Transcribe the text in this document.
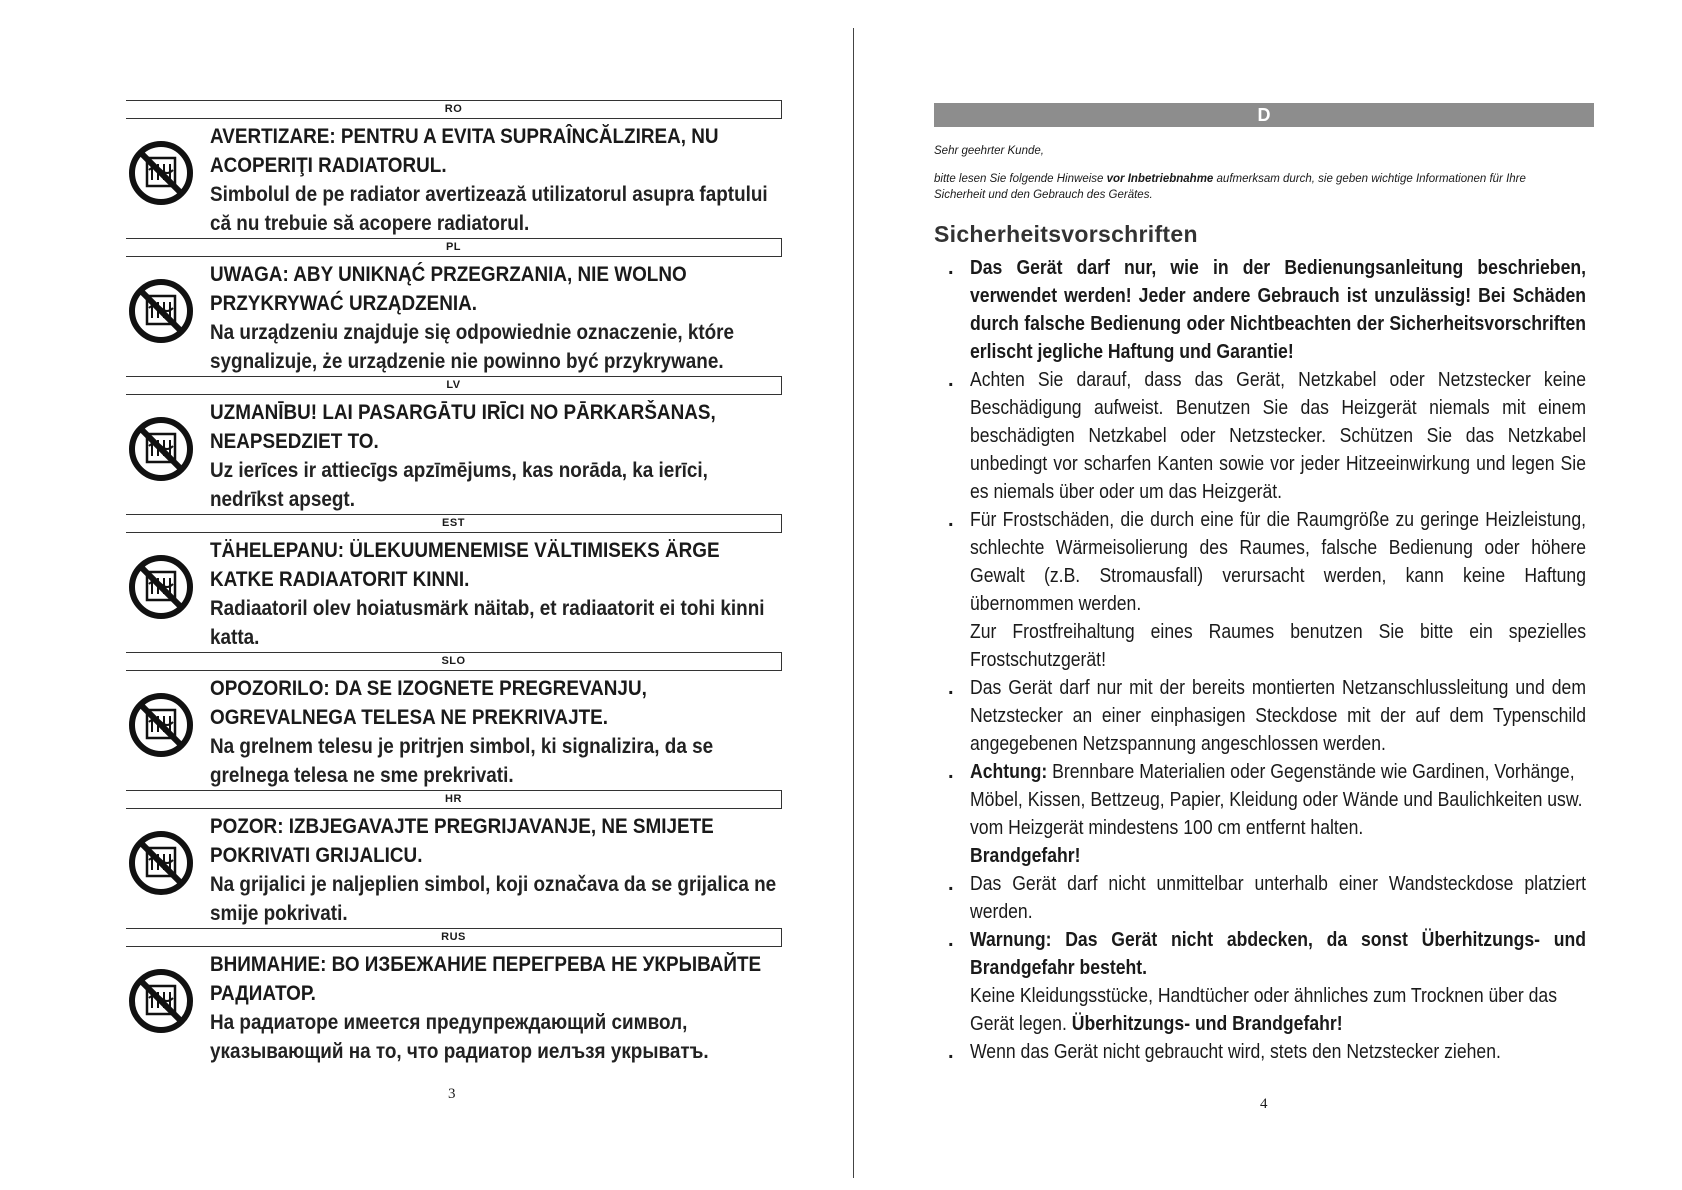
RO
AVERTIZARE: PENTRU A EVITA SUPRAÎNCĂLZIREA, NU ACOPERIŢI RADIATORUL.
Simbolul de pe radiator avertizează utilizatorul asupra faptului că nu trebuie să acopere radiatorul.
PL
UWAGA: ABY UNIKNĄĆ PRZEGRZANIA, NIE WOLNO PRZYKRYWAĆ URZĄDZENIA.
Na urządzeniu znajduje się odpowiednie oznaczenie, które sygnalizuje, że urządzenie nie powinno być przykrywane.
LV
UZMANĪBU! LAI PASARGĀTU IRĪCI NO PĀRKARŠANAS, NEAPSEDZIET TO.
Uz ierīces ir attiecīgs apzīmējums, kas norāda, ka ierīci, nedrīkst apsegt.
EST
TÄHELEPANU: ÜLEKUUMENEMISE VÄLTIMISEKS ÄRGE KATKE RADIAATORIT KINNI.
Radiaatoril olev hoiatusmärk näitab, et radiaatorit ei tohi kinni katta.
SLO
OPOZORILO: DA SE IZOGNETE PREGREVANJU, OGREVALNEGA TELESA NE PREKRIVAJTE.
Na grelnem telesu je pritrjen simbol, ki signalizira, da se grelnega telesa ne sme prekrivati.
HR
POZOR: IZBJEGAVAJTE PREGRIJAVANJE, NE SMIJETE POKRIVATI GRIJALICU.
Na grijalici je naljeplien simbol, koji označava da se grijalica ne smije pokrivati.
RUS
ВНИМАНИЕ: ВО ИЗБЕЖАНИЕ ПЕРЕГРЕВА НЕ УКРЫВАЙТЕ РАДИАТОР.
На радиаторе имеется предупреждающий символ, указывающий на то, что радиатор иелъзя укрыватъ.
3
D
Sehr geehrter Kunde,
bitte lesen Sie folgende Hinweise vor Inbetriebnahme aufmerksam durch, sie geben wichtige Informationen für Ihre Sicherheit und den Gebrauch des Gerätes.
Sicherheitsvorschriften
. Das Gerät darf nur, wie in der Bedienungsanleitung beschrieben, verwendet werden! Jeder andere Gebrauch ist unzulässig! Bei Schäden durch falsche Bedienung oder Nichtbeachten der Sicherheitsvorschriften erlischt jegliche Haftung und Garantie!
. Achten Sie darauf, dass das Gerät, Netzkabel oder Netzstecker keine Beschädigung aufweist. Benutzen Sie das Heizgerät niemals mit einem beschädigten Netzkabel oder Netzstecker. Schützen Sie das Netzkabel unbedingt vor scharfen Kanten sowie vor jeder Hitzeeinwirkung und legen Sie es niemals über oder um das Heizgerät.
. Für Frostschäden, die durch eine für die Raumgröße zu geringe Heizleistung, schlechte Wärmeisolierung des Raumes, falsche Bedienung oder höhere Gewalt (z.B. Stromausfall) verursacht werden, kann keine Haftung übernommen werden.
Zur Frostfreihaltung eines Raumes benutzen Sie bitte ein spezielles Frostschutzgerät!
. Das Gerät darf nur mit der bereits montierten Netzanschlussleitung und dem Netzstecker an einer einphasigen Steckdose mit der auf dem Typenschild angegebenen Netzspannung angeschlossen werden.
. Achtung: Brennbare Materialien oder Gegenstände wie Gardinen, Vorhänge, Möbel, Kissen, Bettzeug, Papier, Kleidung oder Wände und Baulichkeiten usw. vom Heizgerät mindestens 100 cm entfernt halten.
Brandgefahr!
. Das Gerät darf nicht unmittelbar unterhalb einer Wandsteckdose platziert werden.
. Warnung: Das Gerät nicht abdecken, da sonst Überhitzungs- und Brandgefahr besteht.
Keine Kleidungsstücke, Handtücher oder ähnliches zum Trocknen über das Gerät legen. Überhitzungs- und Brandgefahr!
. Wenn das Gerät nicht gebraucht wird, stets den Netzstecker ziehen.
4
